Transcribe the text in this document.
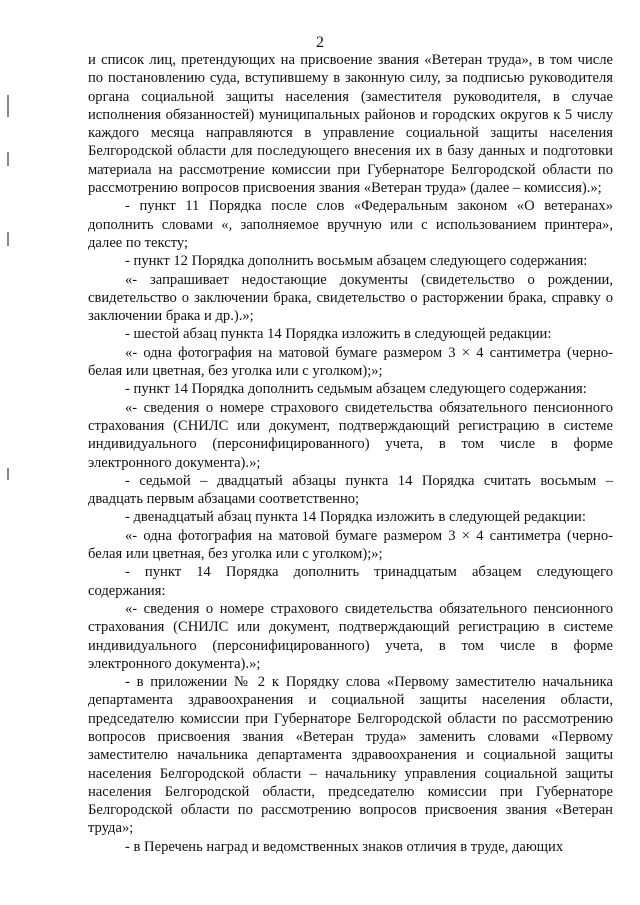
2

и список лиц, претендующих на присвоение звания «Ветеран труда», в том числе по постановлению суда, вступившему в законную силу, за подписью руководителя органа социальной защиты населения (заместителя руководителя, в случае исполнения обязанностей) муниципальных районов и городских округов к 5 числу каждого месяца направляются в управление социальной защиты населения Белгородской области для последующего внесения их в базу данных и подготовки материала на рассмотрение комиссии при Губернаторе Белгородской области по рассмотрению вопросов присвоения звания «Ветеран труда» (далее – комиссия).»;

- пункт 11 Порядка после слов «Федеральным законом «О ветеранах» дополнить словами «, заполняемое вручную или с использованием принтера», далее по тексту;

- пункт 12 Порядка дополнить восьмым абзацем следующего содержания:

«- запрашивает недостающие документы (свидетельство о рождении, свидетельство о заключении брака, свидетельство о расторжении брака, справку о заключении брака и др.).»;

- шестой абзац пункта 14 Порядка изложить в следующей редакции:

«- одна фотография на матовой бумаге размером 3 × 4 сантиметра (черно-белая или цветная, без уголка или с уголком);»;

- пункт 14 Порядка дополнить седьмым абзацем следующего содержания:

«- сведения о номере страхового свидетельства обязательного пенсионного страхования (СНИЛС или документ, подтверждающий регистрацию в системе индивидуального (персонифицированного) учета, в том числе в форме электронного документа).»;

- седьмой – двадцатый абзацы пункта 14 Порядка считать восьмым – двадцать первым абзацами соответственно;

- двенадцатый абзац пункта 14 Порядка изложить в следующей редакции:

«- одна фотография на матовой бумаге размером 3 × 4 сантиметра (черно-белая или цветная, без уголка или с уголком);»;

- пункт 14 Порядка дополнить тринадцатым абзацем следующего содержания:

«- сведения о номере страхового свидетельства обязательного пенсионного страхования (СНИЛС или документ, подтверждающий регистрацию в системе индивидуального (персонифицированного) учета, в том числе в форме электронного документа).»;

- в приложении № 2 к Порядку слова «Первому заместителю начальника департамента здравоохранения и социальной защиты населения области, председателю комиссии при Губернаторе Белгородской области по рассмотрению вопросов присвоения звания «Ветеран труда» заменить словами «Первому заместителю начальника департамента здравоохранения и социальной защиты населения Белгородской области – начальнику управления социальной защиты населения Белгородской области, председателю комиссии при Губернаторе Белгородской области по рассмотрению вопросов присвоения звания «Ветеран труда»;

- в Перечень наград и ведомственных знаков отличия в труде, дающих
